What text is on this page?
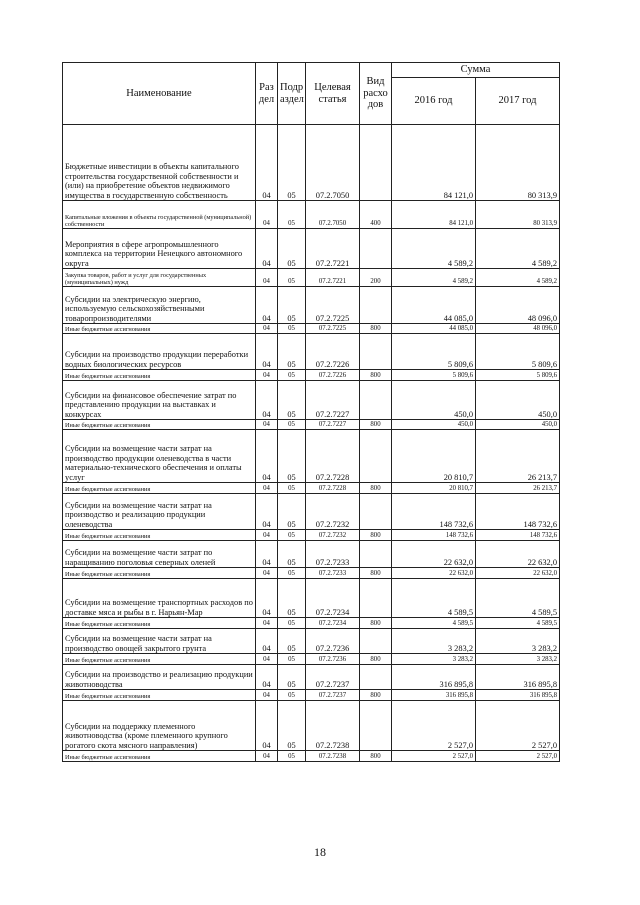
Наименование	Раз дел	Подр аздел	Целевая статья	Вид расхо дов	Сумма	
					2016 год	2017 год
Бюджетные инвестиции в объекты капитального строительства государственной собственности и (или) на приобретение объектов недвижимого имущества в государственную собственность	04	05	07.2.7050		84 121,0	80 313,9
Капитальные вложения в объекты государственной (муниципальной) собственности	04	05	07.2.7050	400	84 121,0	80 313,9
Мероприятия в сфере агропромышленного комплекса на территории Ненецкого автономного округа	04	05	07.2.7221		4 589,2	4 589,2
Закупка товаров, работ и услуг для государственных (муниципальных) нужд	04	05	07.2.7221	200	4 589,2	4 589,2
Субсидии на электрическую энергию, используемую сельскохозяйственными товаропроизводителями	04	05	07.2.7225		44 085,0	48 096,0
Иные бюджетные ассигнования	04	05	07.2.7225	800	44 085,0	48 096,0
Субсидии на производство продукции переработки водных биологических ресурсов	04	05	07.2.7226		5 809,6	5 809,6
Иные бюджетные ассигнования	04	05	07.2.7226	800	5 809,6	5 809,6
Субсидии на финансовое обеспечение затрат по представлению продукции на выставках и конкурсах	04	05	07.2.7227		450,0	450,0
Иные бюджетные ассигнования	04	05	07.2.7227	800	450,0	450,0
Субсидии на возмещение части затрат на производство продукции оленеводства в части материально-технического обеспечения и оплаты услуг	04	05	07.2.7228		20 810,7	26 213,7
Иные бюджетные ассигнования	04	05	07.2.7228	800	20 810,7	26 213,7
Субсидии на возмещение части затрат на производство и реализацию продукции оленеводства	04	05	07.2.7232		148 732,6	148 732,6
Иные бюджетные ассигнования	04	05	07.2.7232	800	148 732,6	148 732,6
Субсидии на возмещение части затрат по наращиванию поголовья северных оленей	04	05	07.2.7233		22 632,0	22 632,0
Иные бюджетные ассигнования	04	05	07.2.7233	800	22 632,0	22 632,0
Субсидии на возмещение транспортных расходов по доставке мяса и рыбы в г. Нарьян-Мар	04	05	07.2.7234		4 589,5	4 589,5
Иные бюджетные ассигнования	04	05	07.2.7234	800	4 589,5	4 589,5
Субсидии на возмещение части затрат на производство овощей закрытого грунта	04	05	07.2.7236		3 283,2	3 283,2
Иные бюджетные ассигнования	04	05	07.2.7236	800	3 283,2	3 283,2
Субсидии на производство и реализацию продукции животноводства	04	05	07.2.7237		316 895,8	316 895,8
Иные бюджетные ассигнования	04	05	07.2.7237	800	316 895,8	316 895,8
Субсидии на поддержку племенного животноводства (кроме племенного крупного рогатого скота мясного направления)	04	05	07.2.7238		2 527,0	2 527,0
Иные бюджетные ассигнования	04	05	07.2.7238	800	2 527,0	2 527,0
18
